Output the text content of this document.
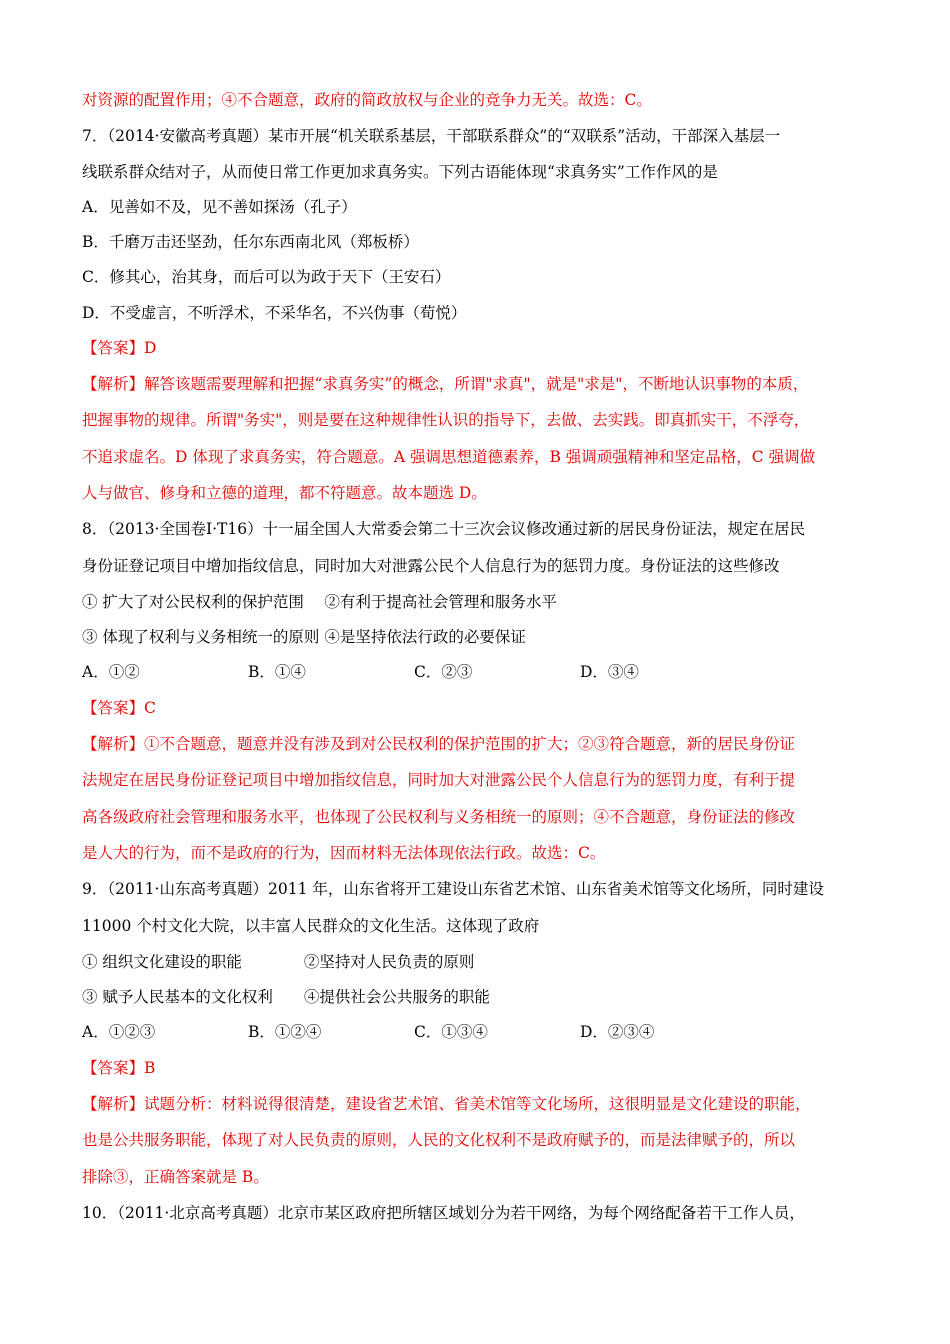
对资源的配置作用；④不合题意，政府的简政放权与企业的竞争力无关。故选：C。
7．（2014·安徽高考真题）某市开展“机关联系基层，干部联系群众”的“双联系”活动，干部深入基层一
线联系群众结对子，从而使日常工作更加求真务实。下列古语能体现“求真务实”工作作风的是
A．见善如不及，见不善如探汤（孔子）
B．千磨万击还坚劲，任尔东西南北风（郑板桥）
C．修其心，治其身，而后可以为政于天下（王安石）
D．不受虚言，不听浮术，不采华名，不兴伪事（荀悦）
【答案】D
【解析】解答该题需要理解和把握“求真务实”的概念，所谓"求真"，就是"求是"，不断地认识事物的本质，
把握事物的规律。所谓"务实"，则是要在这种规律性认识的指导下，去做、去实践。即真抓实干，不浮夸，
不追求虚名。D 体现了求真务实，符合题意。A 强调思想道德素养，B 强调顽强精神和坚定品格，C 强调做
人与做官、修身和立德的道理，都不符题意。故本题选 D。
8．（2013·全国卷Ⅰ·T16）十一届全国人大常委会第二十三次会议修改通过新的居民身份证法，规定在居民
身份证登记项目中增加指纹信息，同时加大对泄露公民个人信息行为的惩罚力度。身份证法的这些修改
① 扩大了对公民权利的保护范围　 ②有利于提高社会管理和服务水平
③ 体现了权利与义务相统一的原则 ④是坚持依法行政的必要保证
A．①②	B．①④	C．②③	D．③④
【答案】C
【解析】①不合题意，题意并没有涉及到对公民权利的保护范围的扩大；②③符合题意，新的居民身份证
法规定在居民身份证登记项目中增加指纹信息，同时加大对泄露公民个人信息行为的惩罚力度，有利于提
高各级政府社会管理和服务水平，也体现了公民权利与义务相统一的原则；④不合题意，身份证法的修改
是人大的行为，而不是政府的行为，因而材料无法体现依法行政。故选：C。
9．（2011·山东高考真题）2011 年，山东省将开工建设山东省艺术馆、山东省美术馆等文化场所，同时建设
11000 个村文化大院，以丰富人民群众的文化生活。这体现了政府
① 组织文化建设的职能　　　　②坚持对人民负责的原则
③ 赋予人民基本的文化权利　　④提供社会公共服务的职能
A．①②③	B．①②④	C．①③④	D．②③④
【答案】B
【解析】试题分析：材料说得很清楚，建设省艺术馆、省美术馆等文化场所，这很明显是文化建设的职能，
也是公共服务职能，体现了对人民负责的原则，人民的文化权利不是政府赋予的，而是法律赋予的，所以
排除③，正确答案就是 B。
10．（2011·北京高考真题）北京市某区政府把所辖区域划分为若干网络，为每个网络配备若干工作人员，
